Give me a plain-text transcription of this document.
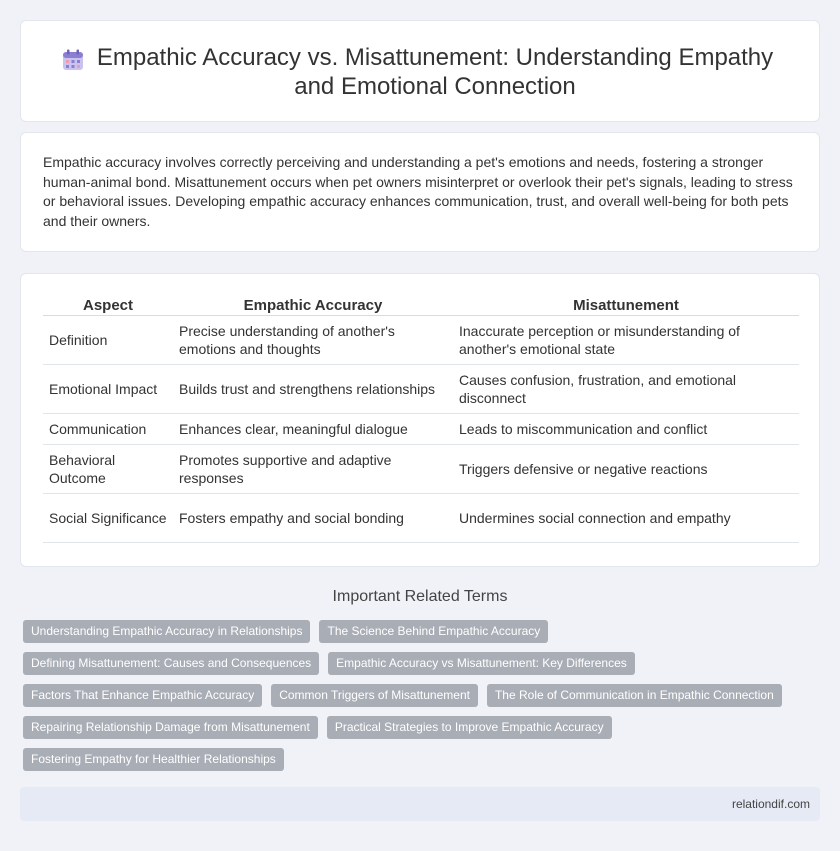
Empathic Accuracy vs. Misattunement: Understanding Empathy and Emotional Connection

Empathic accuracy involves correctly perceiving and understanding a pet's emotions and needs, fostering a stronger human-animal bond. Misattunement occurs when pet owners misinterpret or overlook their pet's signals, leading to stress or behavioral issues. Developing empathic accuracy enhances communication, trust, and overall well-being for both pets and their owners.

Aspect	Empathic Accuracy	Misattunement
Definition	Precise understanding of another's emotions and thoughts	Inaccurate perception or misunderstanding of another's emotional state
Emotional Impact	Builds trust and strengthens relationships	Causes confusion, frustration, and emotional disconnect
Communication	Enhances clear, meaningful dialogue	Leads to miscommunication and conflict
Behavioral Outcome	Promotes supportive and adaptive responses	Triggers defensive or negative reactions
Social Significance	Fosters empathy and social bonding	Undermines social connection and empathy
Important Related Terms
Understanding Empathic Accuracy in Relationships	The Science Behind Empathic Accuracy
Defining Misattunement: Causes and Consequences	Empathic Accuracy vs Misattunement: Key Differences
Factors That Enhance Empathic Accuracy	Common Triggers of Misattunement	The Role of Communication in Empathic Connection
Repairing Relationship Damage from Misattunement	Practical Strategies to Improve Empathic Accuracy
Fostering Empathy for Healthier Relationships
relationdif.com
